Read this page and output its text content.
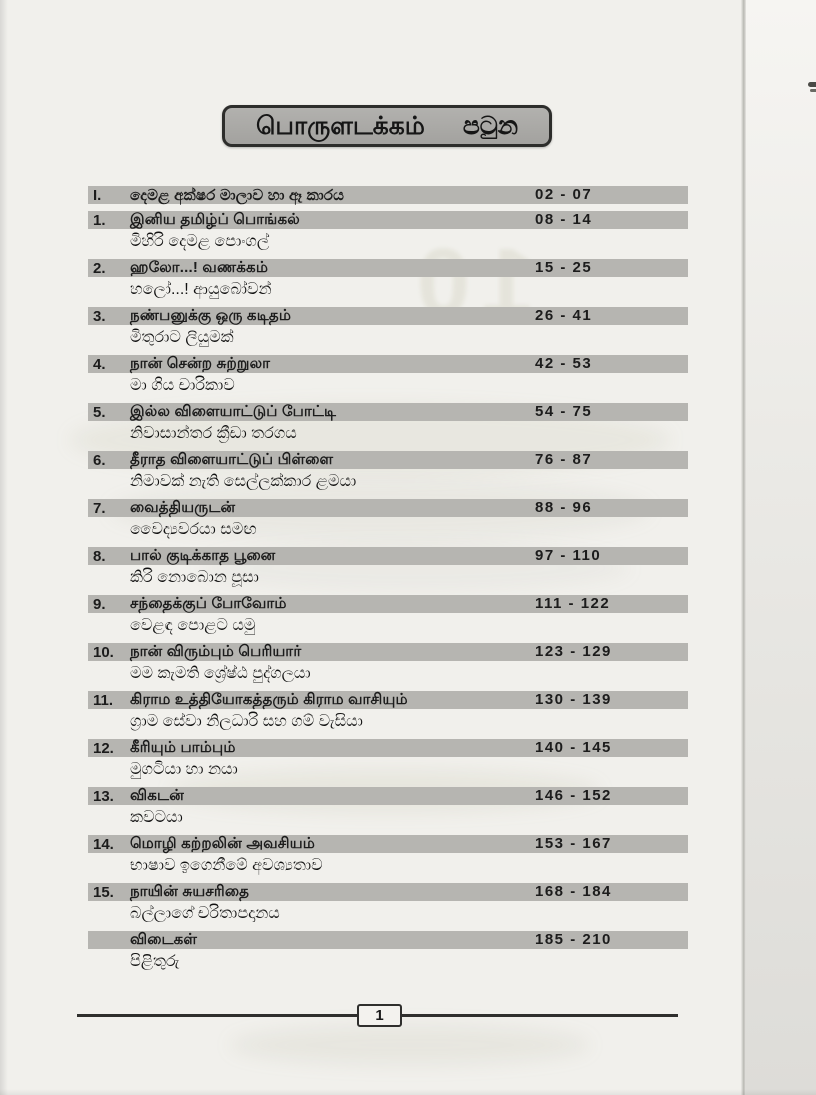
10
பொருளடக்கம் පටුන
I.	දෙමළ අක්ෂර මාලාව හා ඈ කාරය	02 - 07
1.	இனிய தமிழ்ப் பொங்கல்	08 - 14
මිහිරි දෙමළ පොංගල්
2.	ஹலோ...! வணக்கம்	15 - 25
හලෝ...! ආයුබෝවන්
3.	நண்பனுக்கு ஒரு கடிதம்	26 - 41
මිතුරාට ලියුමක්
4.	நான் சென்ற சுற்றுலா	42 - 53
මා ගිය චාරිකාව
5.	இல்ல விளையாட்டுப் போட்டி	54 - 75
නිවාසාන්තර ක්‍රීඩා තරගය
6.	தீராத விளையாட்டுப் பிள்ளை	76 - 87
නිමාවක් නැති සෙල්ලක්කාර ළමයා
7.	வைத்தியருடன்	88 - 96
වෛද්‍යවරයා සමඟ
8.	பால் குடிக்காத பூனை	97 - 110
කිරි නොබොන පූසා
9.	சந்தைக்குப் போவோம்	111 - 122
වෙළඳ පොළට යමු
10.	நான் விரும்பும் பெரியார்	123 - 129
මම කැමති ශ්‍රේෂ්ඨ පුද්ගලයා
11.	கிராம உத்தியோகத்தரும் கிராம வாசியும்	130 - 139
ග්‍රාම සේවා නිලධාරි සහ ගම් වැසියා
12.	கீரியும் பாம்பும்	140 - 145
මුගටියා හා නයා
13.	விகடன்	146 - 152
කවටයා
14.	மொழி கற்றலின் அவசியம்	153 - 167
භාෂාව ඉගෙනීමේ අවශ්‍යතාව
15.	நாயின் சுயசரிதை	168 - 184
බල්ලාගේ චරිතාපදානය
விடைகள்	185 - 210
පිළිතුරු
1
